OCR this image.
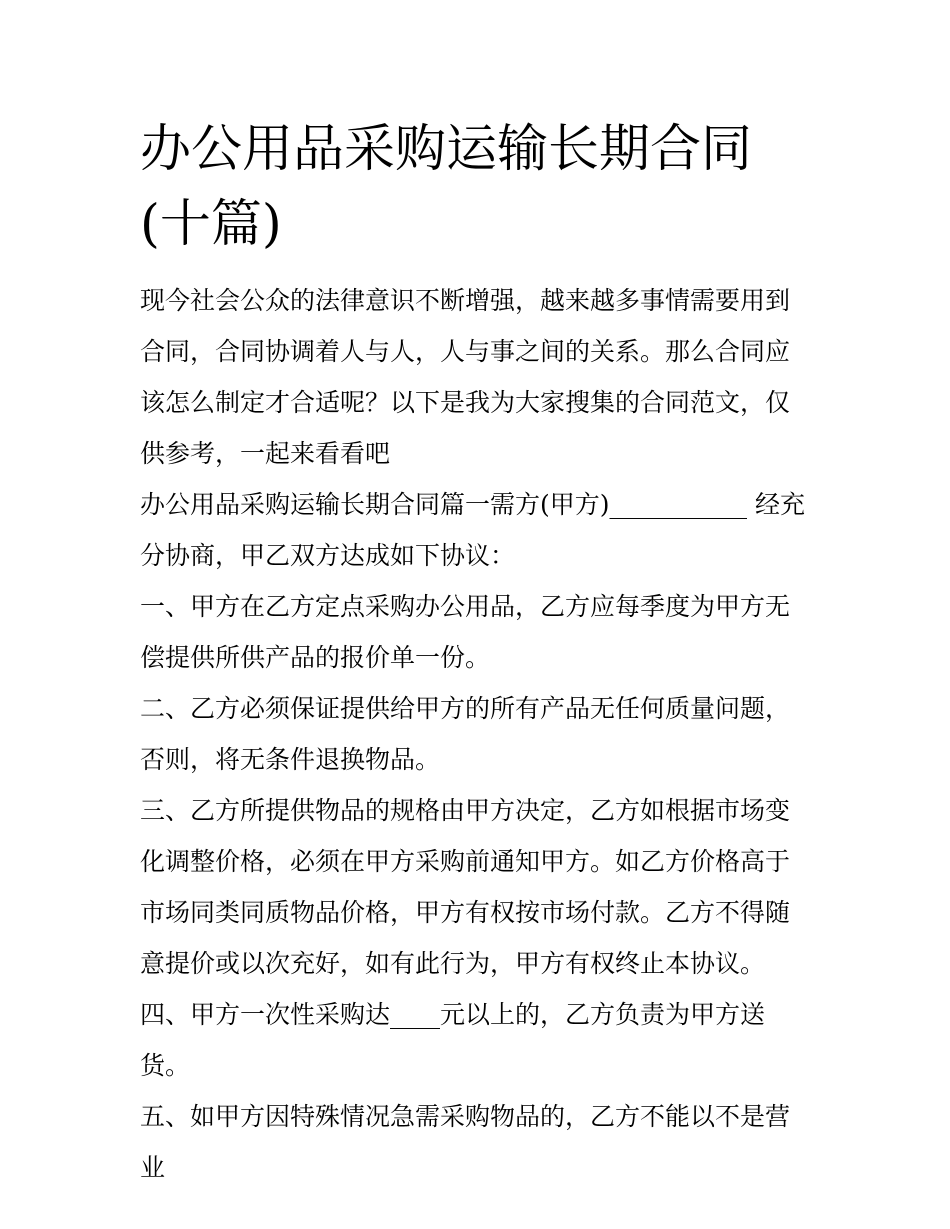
办公用品采购运输长期合同(十篇)

现今社会公众的法律意识不断增强，越来越多事情需要用到合同，合同协调着人与人，人与事之间的关系。那么合同应该怎么制定才合适呢？以下是我为大家搜集的合同范文，仅供参考，一起来看看吧

办公用品采购运输长期合同篇一需方(甲方)___________ 经充分协商，甲乙双方达成如下协议：

一、甲方在乙方定点采购办公用品，乙方应每季度为甲方无偿提供所供产品的报价单一份。

二、乙方必须保证提供给甲方的所有产品无任何质量问题，否则，将无条件退换物品。

三、乙方所提供物品的规格由甲方决定，乙方如根据市场变化调整价格，必须在甲方采购前通知甲方。如乙方价格高于市场同类同质物品价格，甲方有权按市场付款。乙方不得随意提价或以次充好，如有此行为，甲方有权终止本协议。

四、甲方一次性采购达____元以上的，乙方负责为甲方送货。

五、如甲方因特殊情况急需采购物品的，乙方不能以不是营业
